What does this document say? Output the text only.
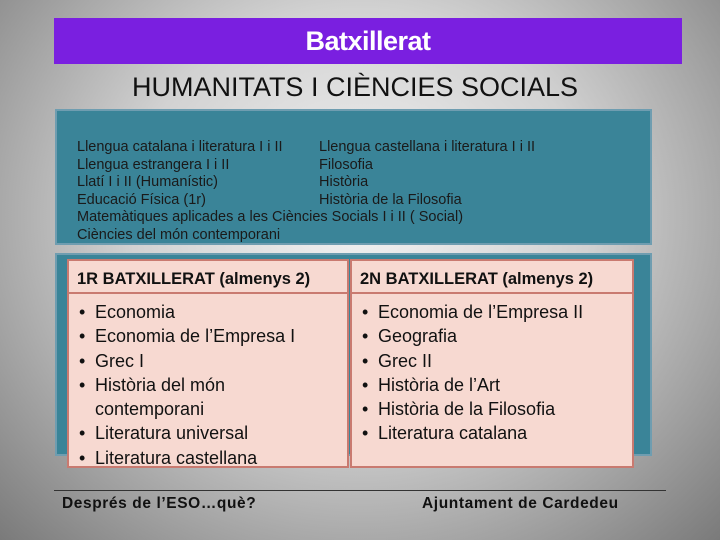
Batxillerat
HUMANITATS I CIÈNCIES SOCIALS
Llengua catalana i literatura I i II	Llengua castellana i literatura I i II
Llengua estrangera I i II	Filosofia
Llatí I i II (Humanístic)	Història
Educació Física (1r)	Història de la Filosofia
Matemàtiques aplicades a les Ciències Socials I i II ( Social)
Ciències del món contemporani
1R BATXILLERAT (almenys 2)	2N BATXILLERAT (almenys 2)
• Economia
• Economia de l’Empresa I
• Grec I
• Història del món contemporani
• Literatura universal
• Literatura castellana
• Economia de l’Empresa II
• Geografia
• Grec II
• Història de l’Art
• Història de la Filosofia
• Literatura catalana
Després de l’ESO…què?	Ajuntament de Cardedeu
